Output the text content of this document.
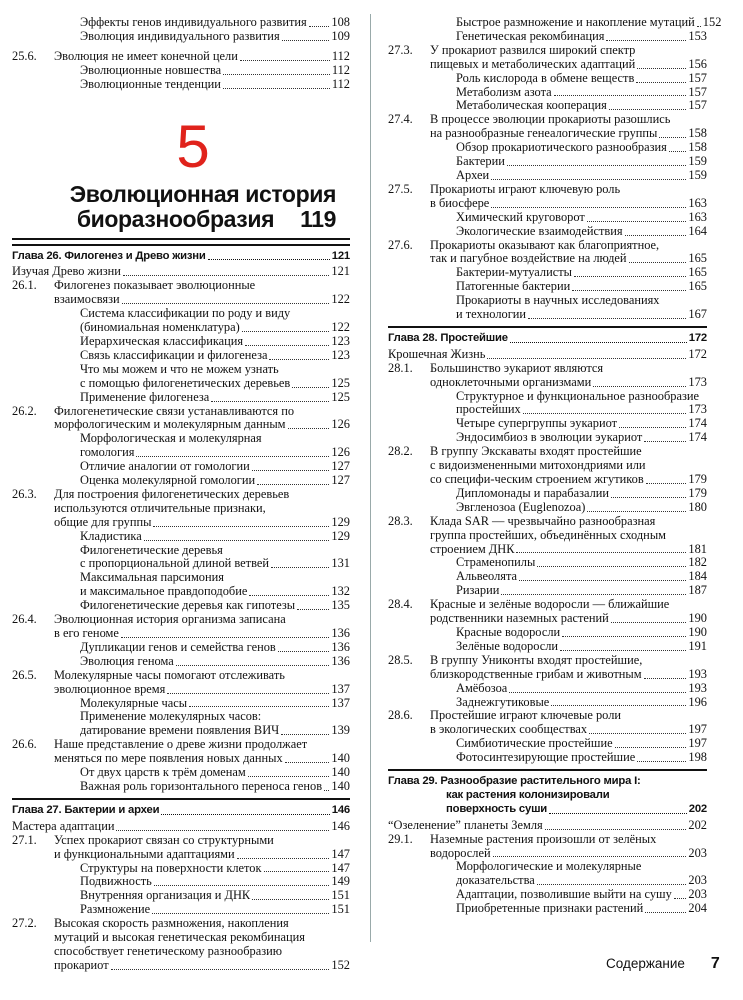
Эффекты генов индивидуального развития 108
Эволюция индивидуального развития	109
25.6. Эволюция не имеет конечной цели	112
Эволюционные новшества	112
Эволюционные тенденции	112
5
Эволюционная история
биоразнообразия 119
Глава 26. Филогенез и Древо жизни	121
Изучая Древо жизни	121
26.1. Филогенез показывает эволюционные
взаимосвязи	122
Система классификации по роду и виду
(биномиальная номенклатура)	122
Иерархическая классификация	123
Связь классификации и филогенеза	123
Что мы можем и что не можем узнать
с помощью филогенетических деревьев	125
Применение филогенеза	125
26.2. Филогенетические связи устанавливаются по
морфологическим и молекулярным данным	126
Морфологическая и молекулярная
гомология	126
Отличие аналогии от гомологии	127
Оценка молекулярной гомологии	127
26.3. Для построения филогенетических деревьев
используются отличительные признаки,
общие для группы	129
Кладистика	129
Филогенетические деревья
с пропорциональной длиной ветвей	131
Максимальная парсимония
и максимальное правдоподобие	132
Филогенетические деревья как гипотезы	135
26.4. Эволюционная история организма записана
в его геноме	136
Дупликации генов и семейства генов	136
Эволюция генома	136
26.5. Молекулярные часы помогают отслеживать
эволюционное время	137
Молекулярные часы	137
Применение молекулярных часов:
датирование времени появления ВИЧ	139
26.6. Наше представление о древе жизни продолжает
меняться по мере появления новых данных	140
От двух царств к трём доменам	140
Важная роль горизонтального переноса генов 140
Глава 27. Бактерии и археи	146
Мастера адаптации	146
27.1. Успех прокариот связан со структурными
и функциональными адаптациями	147
Структуры на поверхности клеток	147
Подвижность	149
Внутренняя организация и ДНК	151
Размножение	151
27.2. Высокая скорость размножения, накопления
мутаций и высокая генетическая рекомбинация
способствует генетическому разнообразию
прокариот	152
Быстрое размножение и накопление мутаций 152
Генетическая рекомбинация	153
27.3. У прокариот развился широкий спектр
пищевых и метаболических адаптаций	156
Роль кислорода в обмене веществ	157
Метаболизм азота	157
Метаболическая кооперация	157
27.4. В процессе эволюции прокариоты разошлись
на разнообразные генеалогические группы	158
Обзор прокариотического разнообразия 158
Бактерии	159
Археи	159
27.5. Прокариоты играют ключевую роль
в биосфере	163
Химический круговорот	163
Экологические взаимодействия	164
27.6. Прокариоты оказывают как благоприятное,
так и пагубное воздействие на людей	165
Бактерии-мутуалисты	165
Патогенные бактерии	165
Прокариоты в научных исследованиях
и технологии	167
Глава 28. Простейшие	172
Крошечная Жизнь	172
28.1. Большинство эукариот являются
одноклеточными организмами	173
Структурное и функциональное разнообразие
простейших	173
Четыре супергруппы эукариот	174
Эндосимбиоз в эволюции эукариот	174
28.2. В группу Экскаваты входят простейшие
с видоизмененными митохондриями или
со специфи-ческим строением жгутиков	179
Дипломонады и парабазалии	179
Эвгленозоа (Euglenozoa)	180
28.3. Клада SAR — чрезвычайно разнообразная
группа простейших, объединённых сходным
строением ДНК	181
Страменопилы	182
Альвеолята	184
Ризарии	187
28.4. Красные и зелёные водоросли — ближайшие
родственники наземных растений	190
Красные водоросли	190
Зелёные водоросли	191
28.5. В группу Униконты входят простейшие,
близкородственные грибам и животным	193
Амёбозоа	193
Заднежгутиковые	196
28.6. Простейшие играют ключевые роли
в экологических сообществах	197
Симбиотические простейшие	197
Фотосинтезирующие простейшие	198
Глава 29. Разнообразие растительного мира I:
как растения колонизировали
поверхность суши	202
“Озеленение” планеты Земля	202
29.1. Наземные растения произошли от зелёных
водорослей	203
Морфологические и молекулярные
доказательства	203
Адаптации, позволившие выйти на сушу 203
Приобретенные признаки растений	204
Содержание 7
